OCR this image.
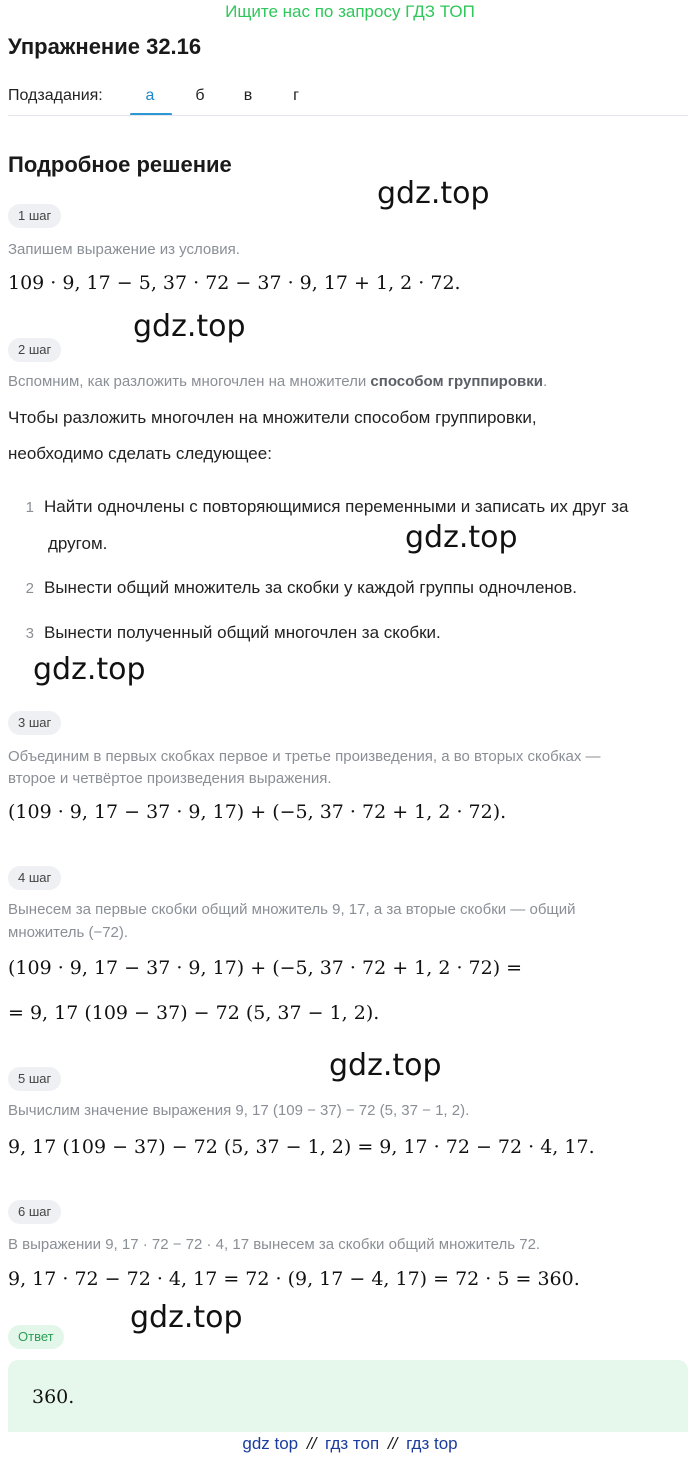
Ищите нас по запросу ГДЗ ТОП
Упражнение 32.16
Подзадания:	а	б	в	г
Подробное решение
1 шаг
Запишем выражение из условия.
109 · 9, 17 − 5, 37 · 72 − 37 · 9, 17 + 1, 2 · 72.
2 шаг
Вспомним, как разложить многочлен на множители способом группировки.
Чтобы разложить многочлен на множители способом группировки,
необходимо сделать следующее:
1 Найти одночлены с повторяющимися переменными и записать их друг за
другом.
2 Вынести общий множитель за скобки у каждой группы одночленов.
3 Вынести полученный общий многочлен за скобки.
3 шаг
Объединим в первых скобках первое и третье произведения, а во вторых скобках —
второе и четвёртое произведения выражения.
(109 · 9, 17 − 37 · 9, 17) + (−5, 37 · 72 + 1, 2 · 72).
4 шаг
Вынесем за первые скобки общий множитель 9, 17, а за вторые скобки — общий
множитель (−72).
(109 · 9, 17 − 37 · 9, 17) + (−5, 37 · 72 + 1, 2 · 72) =
= 9, 17 (109 − 37) − 72 (5, 37 − 1, 2).
5 шаг
Вычислим значение выражения 9, 17 (109 − 37) − 72 (5, 37 − 1, 2).
9, 17 (109 − 37) − 72 (5, 37 − 1, 2) = 9, 17 · 72 − 72 · 4, 17.
6 шаг
В выражении 9, 17 · 72 − 72 · 4, 17 вынесем за скобки общий множитель 72.
9, 17 · 72 − 72 · 4, 17 = 72 · (9, 17 − 4, 17) = 72 · 5 = 360.
Ответ
360.
gdz.top
gdz.top
gdz.top
gdz.top
gdz.top
gdz.top
gdz top // гдз топ // гдз top
